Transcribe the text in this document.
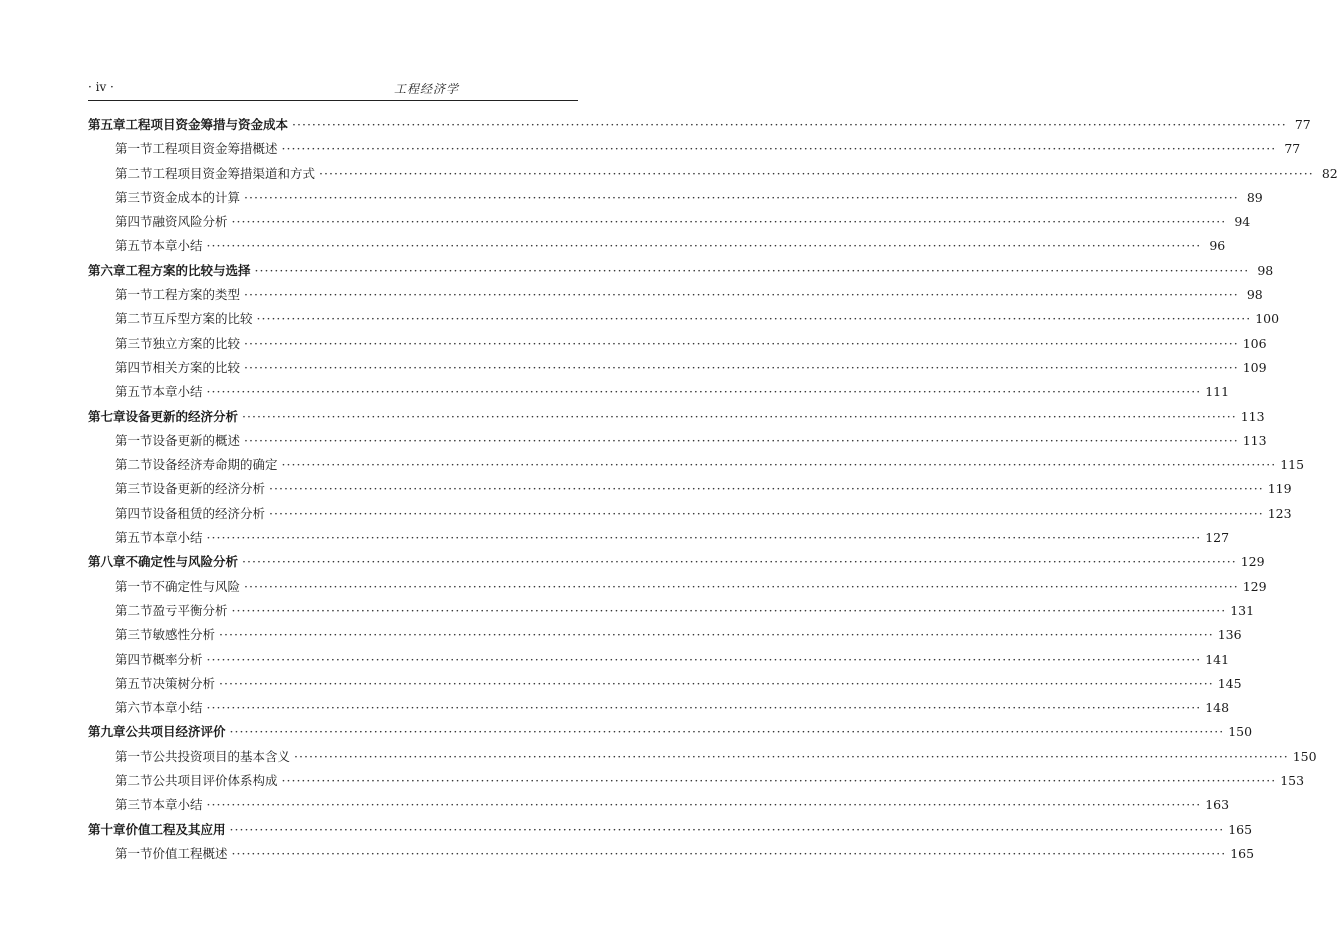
· iv ·	工程经济学
第五章 工程项目资金筹措与资金成本 ········································································································································································································ 77
第一节 工程项目资金筹措概述 ········································································································································································································ 77
第二节 工程项目资金筹措渠道和方式 ········································································································································································································ 82
第三节 资金成本的计算 ········································································································································································································ 89
第四节 融资风险分析 ········································································································································································································ 94
第五节 本章小结 ········································································································································································································ 96
第六章 工程方案的比较与选择 ········································································································································································································ 98
第一节 工程方案的类型 ········································································································································································································ 98
第二节 互斥型方案的比较 ········································································································································································································ 100
第三节 独立方案的比较 ········································································································································································································ 106
第四节 相关方案的比较 ········································································································································································································ 109
第五节 本章小结 ········································································································································································································ 111
第七章 设备更新的经济分析 ········································································································································································································ 113
第一节 设备更新的概述 ········································································································································································································ 113
第二节 设备经济寿命期的确定 ········································································································································································································ 115
第三节 设备更新的经济分析 ········································································································································································································ 119
第四节 设备租赁的经济分析 ········································································································································································································ 123
第五节 本章小结 ········································································································································································································ 127
第八章 不确定性与风险分析 ········································································································································································································ 129
第一节 不确定性与风险 ········································································································································································································ 129
第二节 盈亏平衡分析 ········································································································································································································ 131
第三节 敏感性分析 ········································································································································································································ 136
第四节 概率分析 ········································································································································································································ 141
第五节 决策树分析 ········································································································································································································ 145
第六节 本章小结 ········································································································································································································ 148
第九章 公共项目经济评价 ········································································································································································································ 150
第一节 公共投资项目的基本含义 ········································································································································································································ 150
第二节 公共项目评价体系构成 ········································································································································································································ 153
第三节 本章小结 ········································································································································································································ 163
第十章 价值工程及其应用 ········································································································································································································ 165
第一节 价值工程概述 ········································································································································································································ 165
